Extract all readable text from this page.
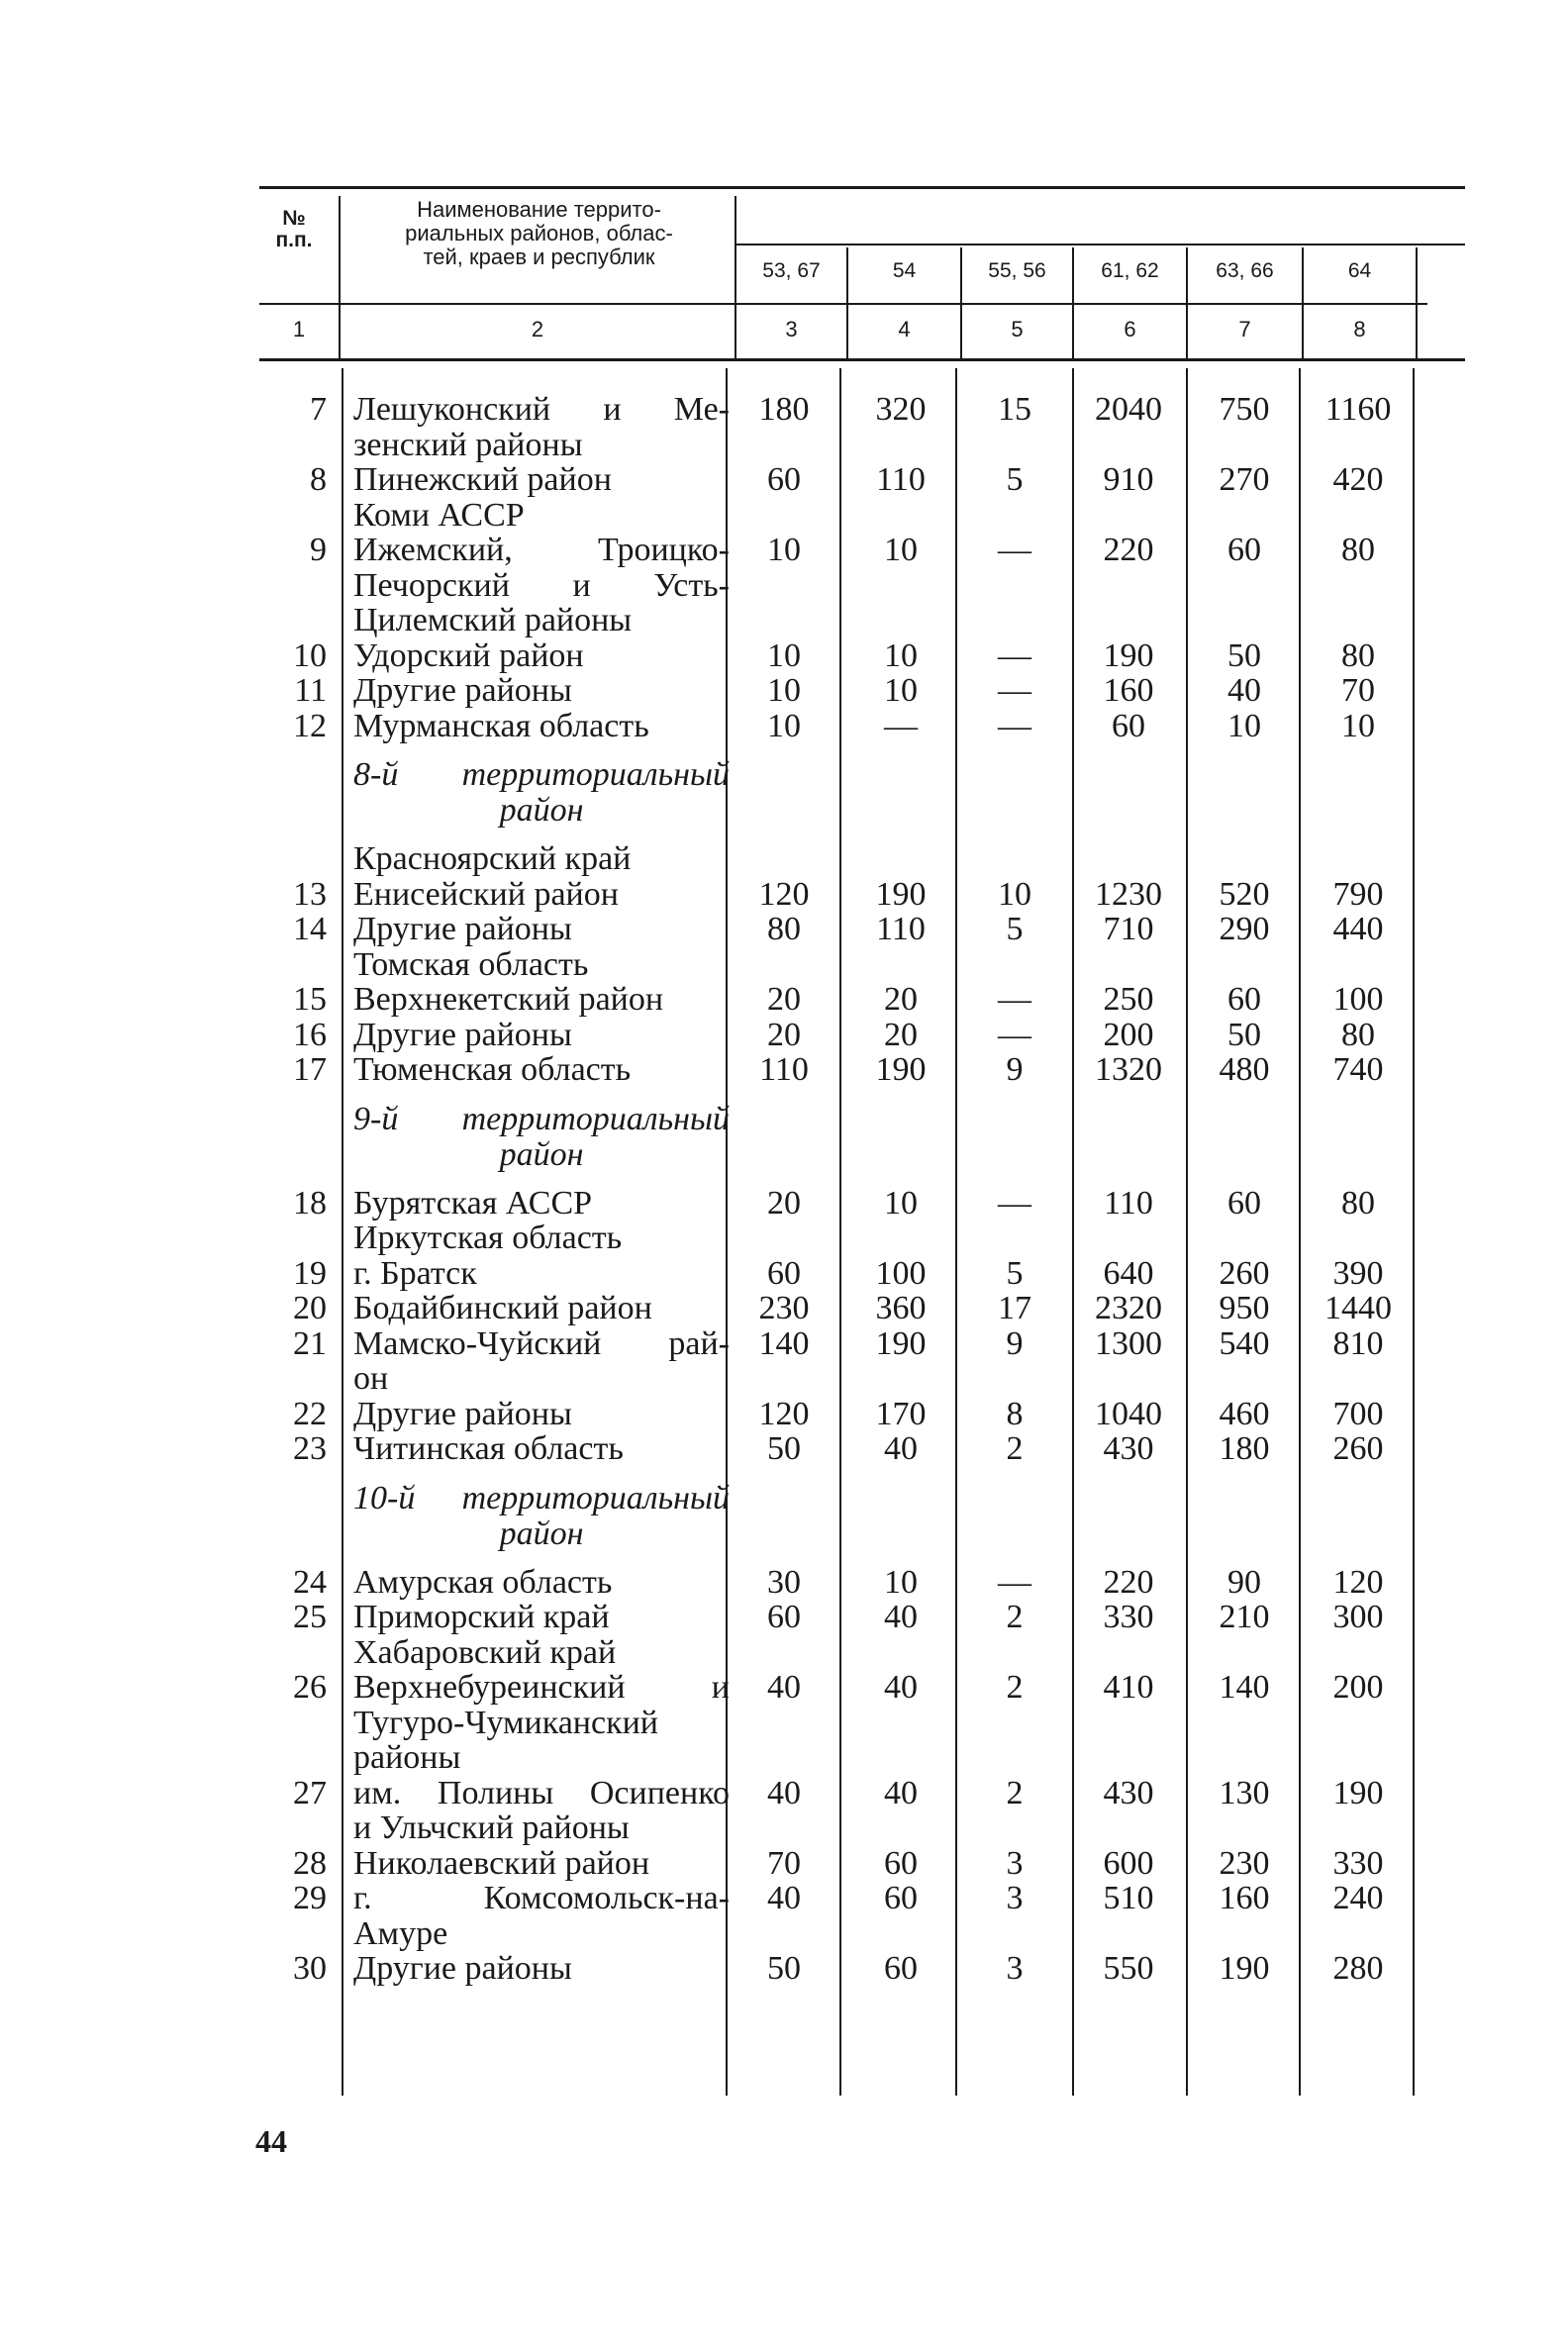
№
п.п.
Наименование террито-
риальных районов, облас-
тей, краев и республик
53, 67	54	55, 56	61, 62	63, 66	64
1	2	3	4	5	6	7	8
7 Лешуконский и Ме-
зенский районы
180	320	15	2040	750	1160
8 Пинежский район	60	110	5	910	270	420
Коми АССР
9 Ижемский, Троицко-
Печорский и Усть-
Цилемский районы
10	10	—	220	60	80
10 Удорский район	10	10	—	190	50	80
11 Другие районы	10	10	—	160	40	70
12 Мурманская область	10	—	—	60	10	10
8-й территориальный
район
Красноярский край
13 Енисейский район	120	190	10	1230	520	790
14 Другие районы	80	110	5	710	290	440
Томская область
15 Верхнекетский район	20	20	—	250	60	100
16 Другие районы	20	20	—	200	50	80
17 Тюменская область	110	190	9	1320	480	740
9-й территориальный
район
18 Бурятская АССР	20	10	—	110	60	80
Иркутская область
19 г. Братск	60	100	5	640	260	390
20 Бодайбинский район	230	360	17	2320	950	1440
21 Мамско-Чуйский рай-
он
140	190	9	1300	540	810
22 Другие районы	120	170	8	1040	460	700
23 Читинская область	50	40	2	430	180	260
10-й территориальный
район
24 Амурская область	30	10	—	220	90	120
25 Приморский край	60	40	2	330	210	300
Хабаровский край
26 Верхнебуреинский и
Тугуро-Чумиканский
районы
40	40	2	410	140	200
27 им. Полины Осипенко
и Ульчский районы
40	40	2	430	130	190
28 Николаевский район	70	60	3	600	230	330
29 г. Комсомольск-на-
Амуре
40	60	3	510	160	240
30 Другие районы	50	60	3	550	190	280
44
